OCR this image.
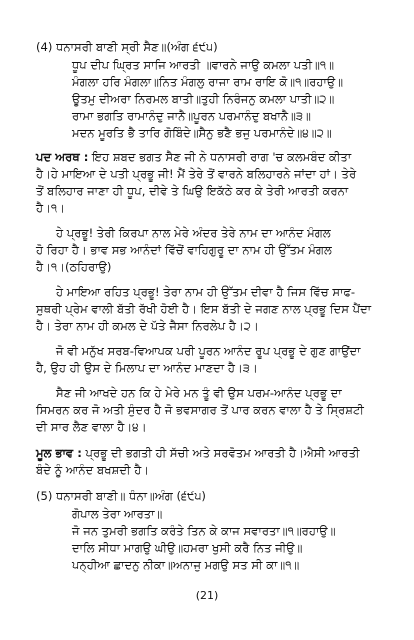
(4) ਧਨਾਸਰੀ ਬਾਣੀ ਸ੍ਰੀ ਸੈਣ॥(ਅੰਗ ੬੯੫)
ਧੂਪ ਦੀਪ ਘ੍ਰਿਤ ਸਾਜਿ ਆਰਤੀ ॥ਵਾਰਨੇ ਜਾਉ ਕਮਲਾ ਪਤੀ॥੧॥
ਮੰਗਲਾ ਹਰਿ ਮੰਗਲਾ॥ਨਿਤ ਮੰਗਲੁ ਰਾਜਾ ਰਾਮ ਰਾਇ ਕੋ॥੧॥ਰਹਾਉ॥
ਊਤਮੁ ਦੀਅਰਾ ਨਿਰਮਲ ਬਾਤੀ॥ਤੁਹੀ ਨਿਰੰਜਨੁ ਕਮਲਾ ਪਾਤੀ॥੨॥
ਰਾਮਾ ਭਗਤਿ ਰਾਮਾਨੰਦੁ ਜਾਨੈ॥ਪੂਰਨ ਪਰਮਾਨੰਦੁ ਬਖਾਨੈ॥੩॥
ਮਦਨ ਮੂਰਤਿ ਭੈ ਤਾਰਿ ਗੋਬਿੰਦੇ॥ਸੈਨੁ ਭਣੈ ਭਜੁ ਪਰਮਾਨੰਦੇ॥੪॥੨॥
ਪਦ ਅਰਥ : ਇਹ ਸ਼ਬਦ ਭਗਤ ਸੈਣ ਜੀ ਨੇ ਧਨਾਸਰੀ ਰਾਗ 'ਚ ਕਲਮਬੰਦ ਕੀਤਾ
ਹੈ।ਹੇ ਮਾਇਆ ਦੇ ਪਤੀ ਪ੍ਰਭੂ ਜੀ! ਮੈਂ ਤੇਰੇ ਤੋਂ ਵਾਰਨੇ ਬਲਿਹਾਰਨੇ ਜਾਂਦਾ ਹਾਂ। ਤੇਰੇ
ਤੋਂ ਬਲਿਹਾਰ ਜਾਣਾ ਹੀ ਧੂਪ, ਦੀਵੇ ਤੇ ਘਿਉ ਇਕੱਠੇ ਕਰ ਕੇ ਤੇਰੀ ਆਰਤੀ ਕਰਨਾ
ਹੈ।੧।
ਹੇ ਪ੍ਰਭੂ! ਤੇਰੀ ਕਿਰਪਾ ਨਾਲ ਮੇਰੇ ਅੰਦਰ ਤੇਰੇ ਨਾਮ ਦਾ ਆਨੰਦ ਮੰਗਲ
ਹੋ ਰਿਹਾ ਹੈ। ਭਾਵ ਸਭ ਆਨੰਦਾਂ ਵਿੱਚੋਂ ਵਾਹਿਗੁਰੂ ਦਾ ਨਾਮ ਹੀ ਉੱਤਮ ਮੰਗਲ
ਹੈ।੧।(ਠਹਿਰਾਉ)
ਹੇ ਮਾਇਆ ਰਹਿਤ ਪ੍ਰਭੂ! ਤੇਰਾ ਨਾਮ ਹੀ ਉੱਤਮ ਦੀਵਾ ਹੈ ਜਿਸ ਵਿੱਚ ਸਾਫ-
ਸੁਥਰੀ ਪ੍ਰੇਮ ਵਾਲੀ ਬੱਤੀ ਰੱਖੀ ਹੋਈ ਹੈ। ਇਸ ਬੱਤੀ ਦੇ ਜਗਣ ਨਾਲ ਪ੍ਰਭੂ ਦਿਸ ਪੈਂਦਾ
ਹੈ। ਤੇਰਾ ਨਾਮ ਹੀ ਕਮਲ ਦੇ ਪੱਤੇ ਜੈਸਾ ਨਿਰਲੇਪ ਹੈ।੨।
ਜੋ ਵੀ ਮਨੁੱਖ ਸਰਬ-ਵਿਆਪਕ ਪਰੀ ਪੂਰਨ ਆਨੰਦ ਰੂਪ ਪ੍ਰਭੂ ਦੇ ਗੁਣ ਗਾਉਂਦਾ
ਹੈ, ਉਹ ਹੀ ਉਸ ਦੇ ਮਿਲਾਪ ਦਾ ਆਨੰਦ ਮਾਣਦਾ ਹੈ।੩।
ਸੈਣ ਜੀ ਆਖਦੇ ਹਨ ਕਿ ਹੇ ਮੇਰੇ ਮਨ ਤੂੰ ਵੀ ਉਸ ਪਰਮ-ਆਨੰਦ ਪ੍ਰਭੂ ਦਾ
ਸਿਮਰਨ ਕਰ ਜੋ ਅਤੀ ਸੁੰਦਰ ਹੈ ਜੋ ਭਵਸਾਗਰ ਤੋਂ ਪਾਰ ਕਰਨ ਵਾਲਾ ਹੈ ਤੇ ਸ੍ਰਿਸ਼ਟੀ
ਦੀ ਸਾਰ ਲੈਣ ਵਾਲਾ ਹੈ।੪।
ਮੂਲ ਭਾਵ : ਪ੍ਰਭੂ ਦੀ ਭਗਤੀ ਹੀ ਸੱਚੀ ਅਤੇ ਸਰਵੋਤਮ ਆਰਤੀ ਹੈ।ਐਸੀ ਆਰਤੀ
ਬੰਦੇ ਨੂੰ ਆਨੰਦ ਬਖਸ਼ਦੀ ਹੈ।
(5) ਧਨਾਸਰੀ ਬਾਣੀ॥ ਧੰਨਾ॥ਅੰਗ (੬੯੫)
ਗੋਪਾਲ ਤੇਰਾ ਆਰਤਾ॥
ਜੋ ਜਨ ਤੁਮਰੀ ਭਗਤਿ ਕਰੰਤੇ ਤਿਨ ਕੇ ਕਾਜ ਸਵਾਰਤਾ॥੧॥ਰਹਾਉ॥
ਦਾਲਿ ਸੀਧਾ ਮਾਗਉ ਘੀਉ॥ਹਮਰਾ ਖੁਸੀ ਕਰੈ ਨਿਤ ਜੀਉ॥
ਪਨ੍ਹੀਆ ਛਾਦਨੁ ਨੀਕਾ॥ਅਨਾਜੁ ਮਗਉ ਸਤ ਸੀ ਕਾ॥੧॥
(21)
